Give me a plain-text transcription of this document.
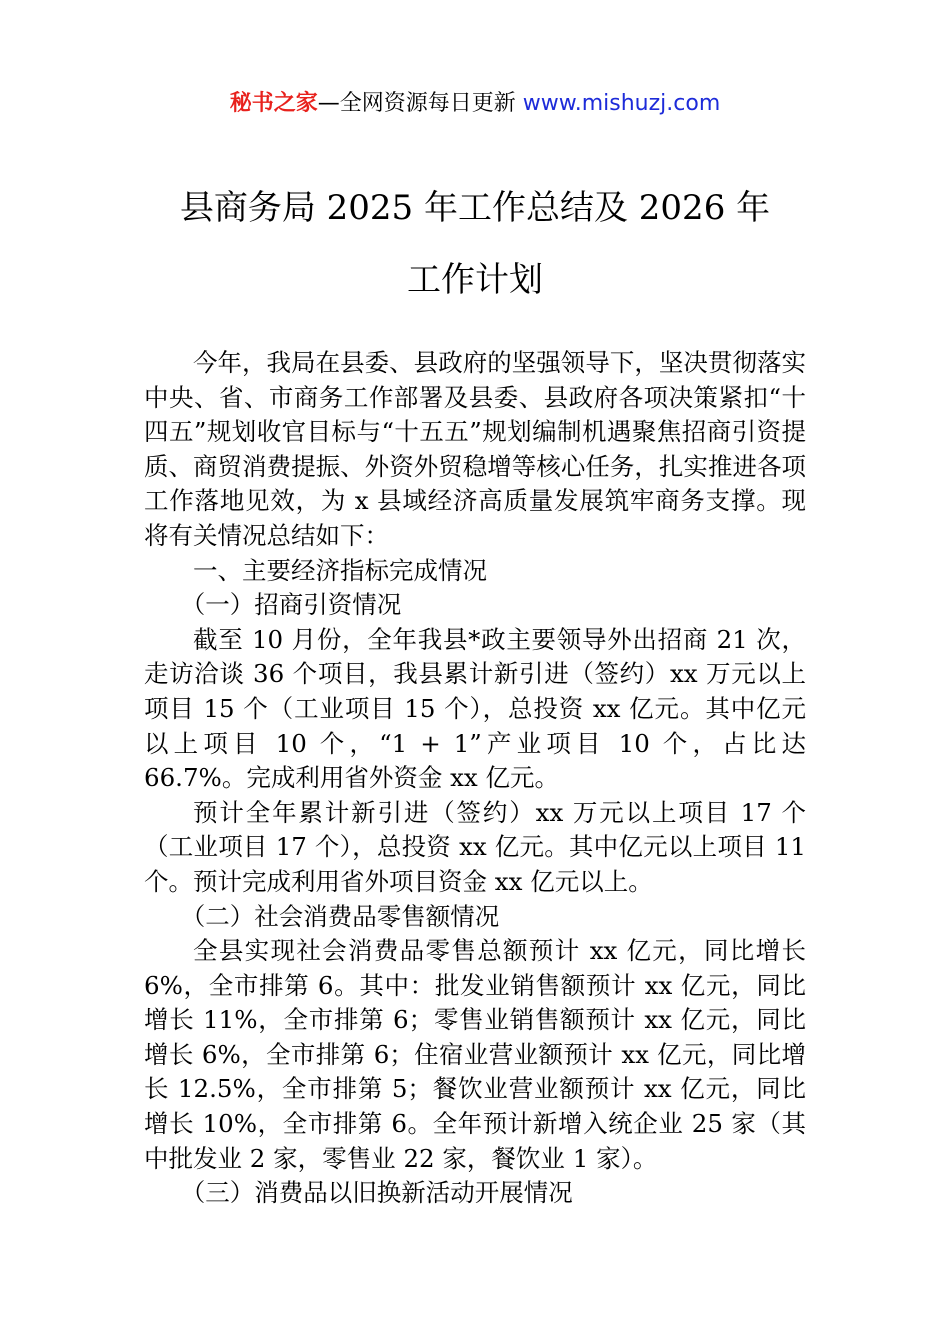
秘书之家—全网资源每日更新 www.mishuzj.com
县商务局 2025 年工作总结及 2026 年
工作计划

今年，我局在县委、县政府的坚强领导下，坚决贯彻落实中央、省、市商务工作部署及县委、县政府各项决策紧扣“十四五”规划收官目标与“十五五”规划编制机遇聚焦招商引资提质、商贸消费提振、外资外贸稳增等核心任务，扎实推进各项工作落地见效，为 x 县域经济高质量发展筑牢商务支撑。现将有关情况总结如下：

一、主要经济指标完成情况

（一）招商引资情况

截至 10 月份，全年我县*政主要领导外出招商 21 次，走访洽谈 36 个项目，我县累计新引进（签约）xx 万元以上项目 15 个（工业项目 15 个），总投资 xx 亿元。其中亿元以上项目 10 个，“1 + 1”产业项目 10 个，占比达 66.7%。完成利用省外资金 xx 亿元。

预计全年累计新引进（签约）xx 万元以上项目 17 个（工业项目 17 个），总投资 xx 亿元。其中亿元以上项目 11 个。预计完成利用省外项目资金 xx 亿元以上。

（二）社会消费品零售额情况

全县实现社会消费品零售总额预计 xx 亿元，同比增长 6%，全市排第 6。其中：批发业销售额预计 xx 亿元，同比增长 11%，全市排第 6；零售业销售额预计 xx 亿元，同比增长 6%，全市排第 6；住宿业营业额预计 xx 亿元，同比增长 12.5%，全市排第 5；餐饮业营业额预计 xx 亿元，同比增长 10%，全市排第 6。全年预计新增入统企业 25 家（其中批发业 2 家，零售业 22 家，餐饮业 1 家）。

（三）消费品以旧换新活动开展情况
